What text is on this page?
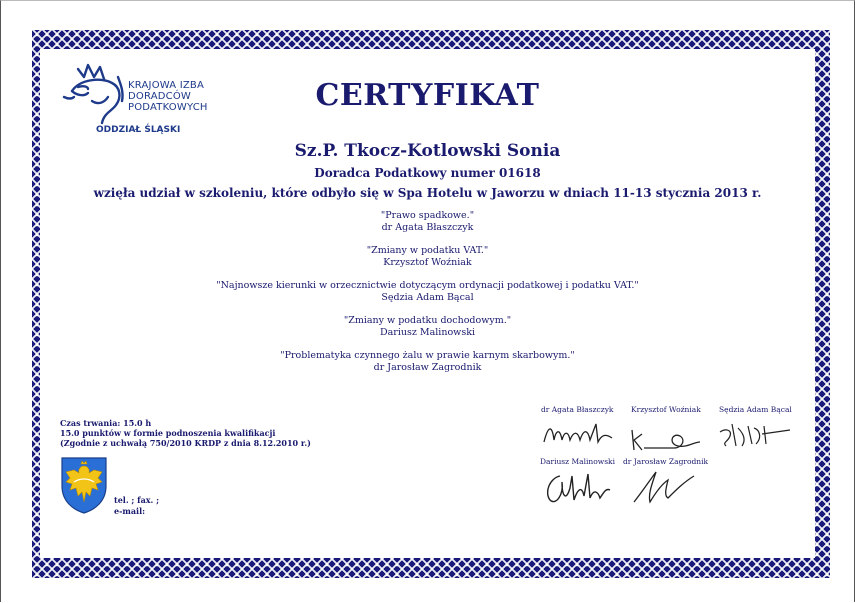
KRAJOWA IZBA
DORADCÓW
PODATKOWYCH
ODDZIAŁ ŚLĄSKI
CERTYFIKAT
Sz.P. Tkocz-Kotlowski Sonia
Doradca Podatkowy numer 01618
wzięła udział w szkoleniu, które odbyło się w Spa Hotelu w Jaworzu w dniach 11-13 stycznia 2013 r.
"Prawo spadkowe."
dr Agata Błaszczyk
"Zmiany w podatku VAT."
Krzysztof Woźniak
"Najnowsze kierunki w orzecznictwie dotyczącym ordynacji podatkowej i podatku VAT."
Sędzia Adam Bącal
"Zmiany w podatku dochodowym."
Dariusz Malinowski
"Problematyka czynnego żalu w prawie karnym skarbowym."
dr Jarosław Zagrodnik
Czas trwania: 15.0 h
15.0 punktów w formie podnoszenia kwalifikacji
(Zgodnie z uchwałą 750/2010 KRDP z dnia 8.12.2010 r.)
tel. ; fax. ;
e-mail:
dr Agata Błaszczyk Krzysztof Woźniak Sędzia Adam Bącal
Dariusz Malinowski dr Jarosław Zagrodnik
